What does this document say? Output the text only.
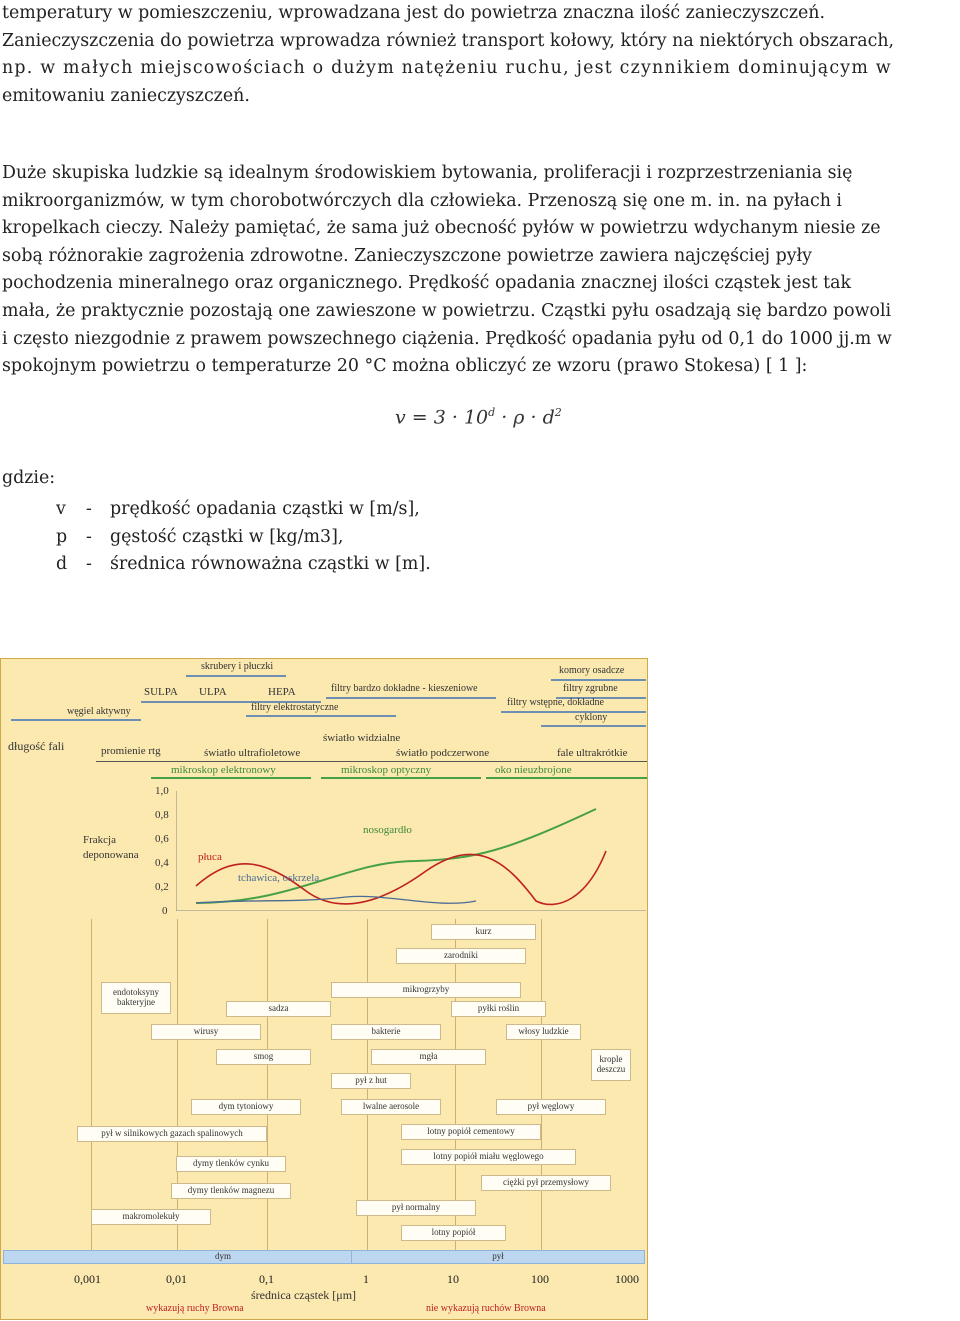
temperatury w pomieszczeniu, wprowadzana jest do powietrza znaczna ilość zanieczyszczeń.
Zanieczyszczenia do powietrza wprowadza również transport kołowy, który na niektórych obszarach,
np. w małych miejscowościach o dużym natężeniu ruchu, jest czynnikiem dominującym w
emitowaniu zanieczyszczeń.
Duże skupiska ludzkie są idealnym środowiskiem bytowania, proliferacji i rozprzestrzeniania się
mikroorganizmów, w tym chorobotwórczych dla człowieka. Przenoszą się one m. in. na pyłach i
kropelkach cieczy. Należy pamiętać, że sama już obecność pyłów w powietrzu wdychanym niesie ze
sobą różnorakie zagrożenia zdrowotne. Zanieczyszczone powietrze zawiera najczęściej pyły
pochodzenia mineralnego oraz organicznego. Prędkość opadania znacznej ilości cząstek jest tak
mała, że praktycznie pozostają one zawieszone w powietrzu. Cząstki pyłu osadzają się bardzo powoli
i często niezgodnie z prawem powszechnego ciążenia. Prędkość opadania pyłu od 0,1 do 1000 jj.m w
spokojnym powietrzu o temperaturze 20 °C można obliczyć ze wzoru (prawo Stokesa) [ 1 ]:
$v = 3 \cdot 10^d \cdot \rho \cdot d^2$
gdzie:
v - prędkość opadania cząstki w [m/s],
p - gęstość cząstki w [kg/m3],
d - średnica równoważna cząstki w [m].
skrubery i płuczki	komory osadcze
SULPA ULPA	HEPA	filtry bardzo dokładne - kieszeniowe	filtry zgrubne
węgiel aktywny	filtry elektrostatyczne	filtry wstępne, dokładne
cyklony
długość fali
światło widzialne
promienie rtg	światło ultrafioletowe	światło podczerwone	fale ultrakrótkie
mikroskop elektronowy	mikroskop optyczny	oko nieuzbrojone
Frakcja
deponowana
1,0
0,8
0,6
0,4
0,2
0
nosogardło
płuca
tchawica, oskrzela
kurz
zarodniki
endotoksyny bakteryjne
mikrogrzyby
sadza	pyłki roślin
wirusy	bakterie	włosy ludzkie
smog	mgła	krople deszczu
pył z hut
dym tytoniowy	lwalne aerosole	pył węglowy
pył w silnikowych gazach spalinowych	lotny popiół cementowy
dymy tlenków cynku
lotny popiół miału węglowego
dymy tlenków magnezu
ciężki pył przemysłowy
makromolekuły
pył normalny
lotny popiół
dym	pył
0,001	0,01	0,1	1	10	100	1000
średnica cząstek [μm]
wykazują ruchy Browna	nie wykazują ruchów Browna
